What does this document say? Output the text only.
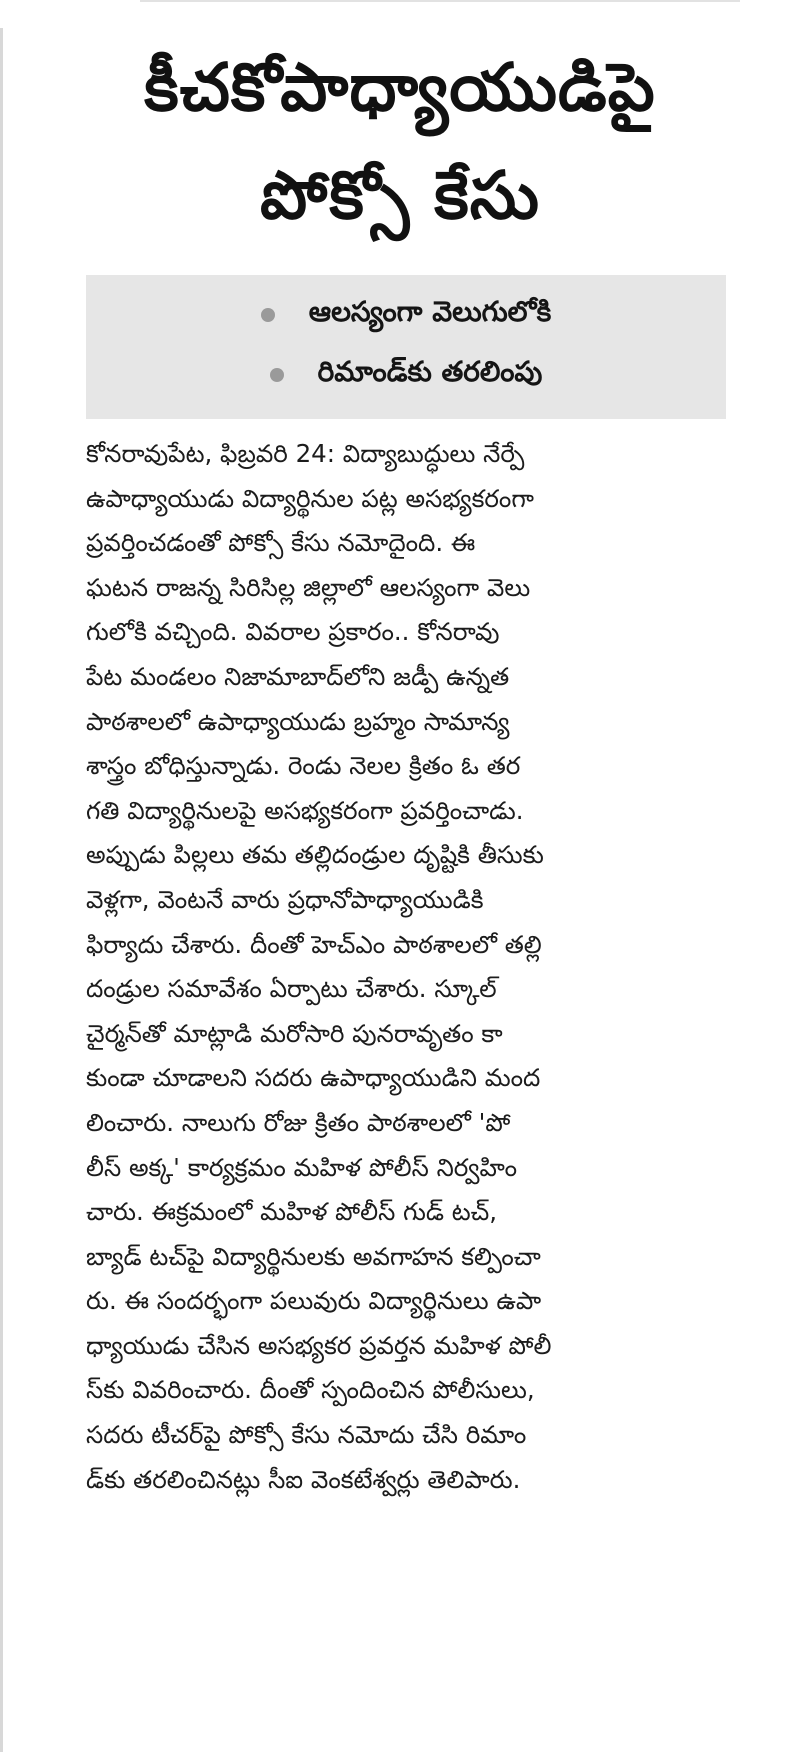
కీచకోపాధ్యాయుడిపై
పోక్సో కేసు
ఆలస్యంగా వెలుగులోకి
రిమాండ్‌కు తరలింపు
కోనరావుపేట, ఫిబ్రవరి 24: విద్యాబుద్ధులు నేర్పే
ఉపాధ్యాయుడు విద్యార్థినుల పట్ల అసభ్యకరంగా
ప్రవర్తించడంతో పోక్సో కేసు నమోదైంది. ఈ
ఘటన రాజన్న సిరిసిల్ల జిల్లాలో ఆలస్యంగా వెలు
గులోకి వచ్చింది. వివరాల ప్రకారం.. కోనరావు
పేట మండలం నిజామాబాద్‌లోని జడ్పీ ఉన్నత
పాఠశాలలో ఉపాధ్యాయుడు బ్రహ్మం సామాన్య
శాస్త్రం బోధిస్తున్నాడు. రెండు నెలల క్రితం ఓ తర
గతి విద్యార్థినులపై అసభ్యకరంగా ప్రవర్తించాడు.
అప్పుడు పిల్లలు తమ తల్లిదండ్రుల దృష్టికి తీసుకు
వెళ్లగా, వెంటనే వారు ప్రధానోపాధ్యాయుడికి
ఫిర్యాదు చేశారు. దీంతో హెచ్‌ఎం పాఠశాలలో తల్లి
దండ్రుల సమావేశం ఏర్పాటు చేశారు. స్కూల్
చైర్మన్‌తో మాట్లాడి మరోసారి పునరావృతం కా
కుండా చూడాలని సదరు ఉపాధ్యాయుడిని మంద
లించారు. నాలుగు రోజు క్రితం పాఠశాలలో 'పో
లీస్ అక్క' కార్యక్రమం మహిళ పోలీస్ నిర్వహిం
చారు. ఈక్రమంలో మహిళ పోలీస్ గుడ్ టచ్,
బ్యాడ్ టచ్‌పై విద్యార్థినులకు అవగాహన కల్పించా
రు. ఈ సందర్భంగా పలువురు విద్యార్థినులు ఉపా
ధ్యాయుడు చేసిన అసభ్యకర ప్రవర్తన మహిళ పోలీ
స్‌కు వివరించారు. దీంతో స్పందించిన పోలీసులు,
సదరు టీచర్‌పై పోక్సో కేసు నమోదు చేసి రిమాం
డ్‌కు తరలించినట్లు సీఐ వెంకటేశ్వర్లు తెలిపారు.
